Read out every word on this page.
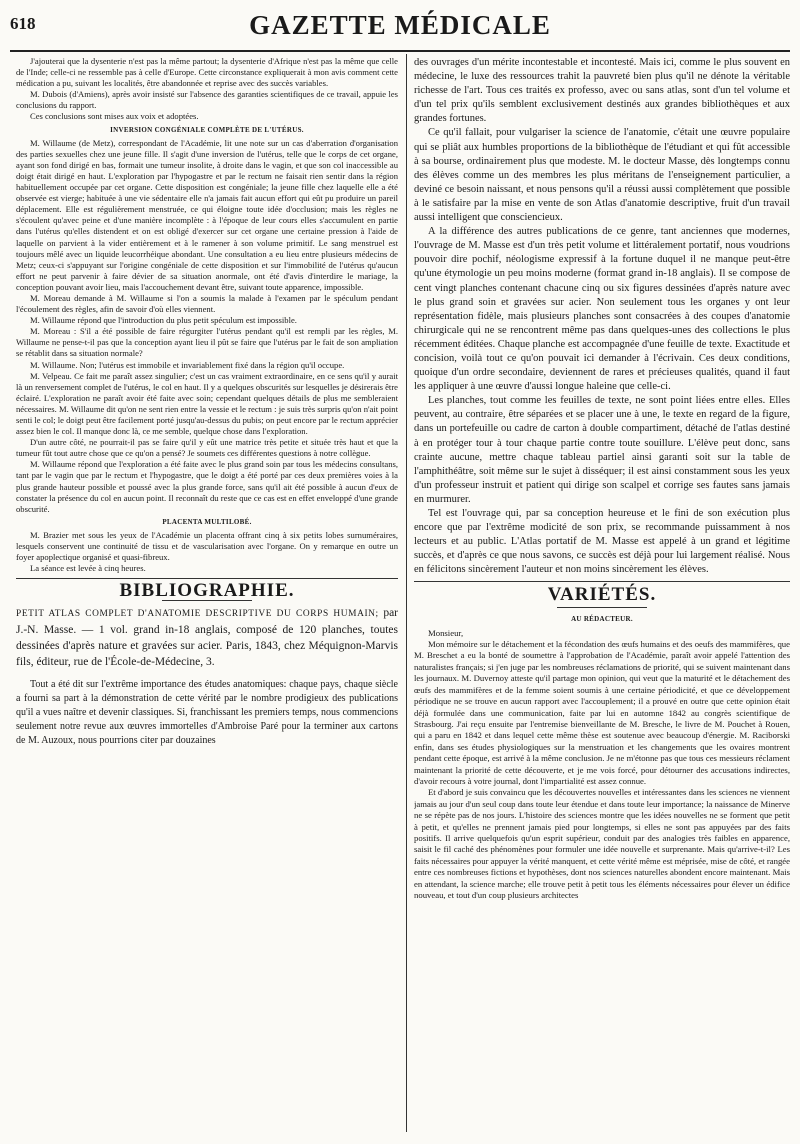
618	GAZETTE MÉDICALE

J'ajouterai que la dysenterie n'est pas la même partout; la dysenterie d'Afrique n'est pas la même que celle de l'Inde; celle-ci ne ressemble pas à celle d'Europe. Cette circonstance expliquerait à mon avis comment cette médication a pu, suivant les localités, être abandonnée et reprise avec des succès variables.

M. Dubois (d'Amiens), après avoir insisté sur l'absence des garanties scientifiques de ce travail, appuie les conclusions du rapport.

Ces conclusions sont mises aux voix et adoptées.

INVERSION CONGÉNIALE COMPLÈTE DE L'UTÉRUS.

M. Willaume (de Metz), correspondant de l'Académie, lit une note sur un cas d'aberration d'organisation des parties sexuelles chez une jeune fille. Il s'agit d'une inversion de l'utérus, telle que le corps de cet organe, ayant son fond dirigé en bas, formait une tumeur insolite, à droite dans le vagin, et que son col inaccessible au doigt était dirigé en haut. L'exploration par l'hypogastre et par le rectum ne faisait rien sentir dans la région habituellement occupée par cet organe. Cette disposition est congéniale; la jeune fille chez laquelle elle a été observée est vierge; habituée à une vie sédentaire elle n'a jamais fait aucun effort qui eût pu produire un pareil déplacement. Elle est régulièrement menstruée, ce qui éloigne toute idée d'occlusion; mais les règles ne s'écoulent qu'avec peine et d'une manière incomplète : à l'époque de leur cours elles s'accumulent en partie dans l'utérus qu'elles distendent et on est obligé d'exercer sur cet organe une certaine pression à l'aide de laquelle on parvient à la vider entièrement et à le ramener à son volume primitif. Le sang menstruel est toujours mêlé avec un liquide leucorrhéique abondant. Une consultation a eu lieu entre plusieurs médecins de Metz; ceux-ci s'appuyant sur l'origine congéniale de cette disposition et sur l'immobilité de l'utérus qu'aucun effort ne peut parvenir à faire dévier de sa situation anormale, ont été d'avis d'interdire le mariage, la conception pouvant avoir lieu, mais l'accouchement devant être, suivant toute apparence, impossible.

M. Moreau demande à M. Willaume si l'on a soumis la malade à l'examen par le spéculum pendant l'écoulement des règles, afin de savoir d'où elles viennent.

M. Willaume répond que l'introduction du plus petit spéculum est impossible.

M. Moreau : S'il a été possible de faire régurgiter l'utérus pendant qu'il est rempli par les règles, M. Willaume ne pense-t-il pas que la conception ayant lieu il pût se faire que l'utérus par le fait de son ampliation se rétablit dans sa situation normale?

M. Willaume. Non; l'utérus est immobile et invariablement fixé dans la région qu'il occupe.

M. Velpeau. Ce fait me paraît assez singulier; c'est un cas vraiment extraordinaire, en ce sens qu'il y aurait là un renversement complet de l'utérus, le col en haut. Il y a quelques obscurités sur lesquelles je désirerais être éclairé. L'exploration ne paraît avoir été faite avec soin; cependant quelques détails de plus me sembleraient nécessaires. M. Willaume dit qu'on ne sent rien entre la vessie et le rectum : je suis très surpris qu'on n'ait point senti le col; le doigt peut être facilement porté jusqu'au-dessus du pubis; on peut encore par le rectum apprécier assez bien le col. Il manque donc là, ce me semble, quelque chose dans l'exploration.

D'un autre côté, ne pourrait-il pas se faire qu'il y eût une matrice très petite et située très haut et que la tumeur fût tout autre chose que ce qu'on a pensé? Je soumets ces différentes questions à notre collègue.

M. Willaume répond que l'exploration a été faite avec le plus grand soin par tous les médecins consultans, tant par le vagin que par le rectum et l'hypogastre, que le doigt a été porté par ces deux premières voies à la plus grande hauteur possible et poussé avec la plus grande force, sans qu'il ait été possible à aucun d'eux de constater la présence du col en aucun point. Il reconnaît du reste que ce cas est en effet enveloppé d'une grande obscurité.

PLACENTA MULTILOBÉ.

M. Brazier met sous les yeux de l'Académie un placenta offrant cinq à six petits lobes surnuméraires, lesquels conservent une continuité de tissu et de vascularisation avec l'organe. On y remarque en outre un foyer apoplectique organisé et quasi-fibreux.

La séance est levée à cinq heures.

BIBLIOGRAPHIE.

PETIT ATLAS COMPLET D'ANATOMIE DESCRIPTIVE DU CORPS HUMAIN; par J.-N. Masse. — 1 vol. grand in-18 anglais, composé de 120 planches, toutes dessinées d'après nature et gravées sur acier. Paris, 1843, chez Méquignon-Marvis fils, éditeur, rue de l'École-de-Médecine, 3.

Tout a été dit sur l'extrême importance des études anatomiques: chaque pays, chaque siècle a fourni sa part à la démonstration de cette vérité par le nombre prodigieux des publications qu'il a vues naître et devenir classiques. Si, franchissant les premiers temps, nous commencions seulement notre revue aux œuvres immortelles d'Ambroise Paré pour la terminer aux cartons de M. Auzoux, nous pourrions citer par douzaines

des ouvrages d'un mérite incontestable et incontesté. Mais ici, comme le plus souvent en médecine, le luxe des ressources trahit la pauvreté bien plus qu'il ne dénote la véritable richesse de l'art. Tous ces traités ex professo, avec ou sans atlas, sont d'un tel volume et d'un tel prix qu'ils semblent exclusivement destinés aux grandes bibliothèques et aux grandes fortunes.

Ce qu'il fallait, pour vulgariser la science de l'anatomie, c'était une œuvre populaire qui se pliât aux humbles proportions de la bibliothèque de l'étudiant et qui fût accessible à sa bourse, ordinairement plus que modeste. M. le docteur Masse, dès longtemps connu des élèves comme un des membres les plus méritans de l'enseignement particulier, a deviné ce besoin naissant, et nous pensons qu'il a réussi aussi complètement que possible à le satisfaire par la mise en vente de son Atlas d'anatomie descriptive, fruit d'un travail aussi intelligent que consciencieux.

A la différence des autres publications de ce genre, tant anciennes que modernes, l'ouvrage de M. Masse est d'un très petit volume et littéralement portatif, nous voudrions pouvoir dire pochif, néologisme expressif à la fortune duquel il ne manque peut-être qu'une étymologie un peu moins moderne (format grand in-18 anglais). Il se compose de cent vingt planches contenant chacune cinq ou six figures dessinées d'après nature avec le plus grand soin et gravées sur acier. Non seulement tous les organes y ont leur représentation fidèle, mais plusieurs planches sont consacrées à des coupes d'anatomie chirurgicale qui ne se rencontrent même pas dans quelques-unes des collections le plus récemment éditées. Chaque planche est accompagnée d'une feuille de texte. Exactitude et concision, voilà tout ce qu'on pouvait ici demander à l'écrivain. Ces deux conditions, quoique d'un ordre secondaire, deviennent de rares et précieuses qualités, quand il faut les appliquer à une œuvre d'aussi longue haleine que celle-ci.

Les planches, tout comme les feuilles de texte, ne sont point liées entre elles. Elles peuvent, au contraire, être séparées et se placer une à une, le texte en regard de la figure, dans un portefeuille ou cadre de carton à double compartiment, détaché de l'atlas destiné à en protéger tour à tour chaque partie contre toute souillure. L'élève peut donc, sans crainte aucune, mettre chaque tableau partiel ainsi garanti soit sur la table de l'amphithéâtre, soit même sur le sujet à disséquer; il est ainsi constamment sous les yeux d'un professeur instruit et patient qui dirige son scalpel et corrige ses fautes sans jamais en murmurer.

Tel est l'ouvrage qui, par sa conception heureuse et le fini de son exécution plus encore que par l'extrême modicité de son prix, se recommande puissamment à nos lecteurs et au public. L'Atlas portatif de M. Masse est appelé à un grand et légitime succès, et d'après ce que nous savons, ce succès est déjà pour lui largement réalisé. Nous en félicitons sincèrement l'auteur et non moins sincèrement les élèves.

VARIÉTÉS.

AU RÉDACTEUR.

Monsieur,

Mon mémoire sur le détachement et la fécondation des œufs humains et des oeufs des mammifères, que M. Breschet a eu la bonté de soumettre à l'approbation de l'Académie, paraît avoir appelé l'attention des naturalistes français; si j'en juge par les nombreuses réclamations de priorité, qui se suivent maintenant dans les journaux. M. Duvernoy atteste qu'il partage mon opinion, qui veut que la maturité et le détachement des œufs des mammifères et de la femme soient soumis à une certaine périodicité, et que ce développement périodique ne se trouve en aucun rapport avec l'accouplement; il a prouvé en outre que cette opinion était déjà formulée dans une communication, faite par lui en automne 1842 au congrès scientifique de Strasbourg. J'ai reçu ensuite par l'entremise bienveillante de M. Bresche, le livre de M. Pouchet à Rouen, qui a paru en 1842 et dans lequel cette même thèse est soutenue avec beaucoup d'énergie. M. Raciborski enfin, dans ses études physiologiques sur la menstruation et les changements que les ovaires montrent pendant cette époque, est arrivé à la même conclusion. Je ne m'étonne pas que tous ces messieurs réclament maintenant la priorité de cette découverte, et je me vois forcé, pour détourner des accusations indirectes, d'avoir recours à votre journal, dont l'impartialité est assez connue.

Et d'abord je suis convaincu que les découvertes nouvelles et intéressantes dans les sciences ne viennent jamais au jour d'un seul coup dans toute leur étendue et dans toute leur importance; la naissance de Minerve ne se répète pas de nos jours. L'histoire des sciences montre que les idées nouvelles ne se forment que petit à petit, et qu'elles ne prennent jamais pied pour longtemps, si elles ne sont pas appuyées par des faits positifs. Il arrive quelquefois qu'un esprit supérieur, conduit par des analogies très faibles en apparence, saisit le fil caché des phénomènes pour formuler une idée nouvelle et surprenante. Mais qu'arrive-t-il? Les faits nécessaires pour appuyer la vérité manquent, et cette vérité même est méprisée, mise de côté, et rangée entre ces nombreuses fictions et hypothèses, dont nos sciences naturelles abondent encore maintenant. Mais en attendant, la science marche; elle trouve petit à petit tous les éléments nécessaires pour élever un édifice nouveau, et tout d'un coup plusieurs architectes
